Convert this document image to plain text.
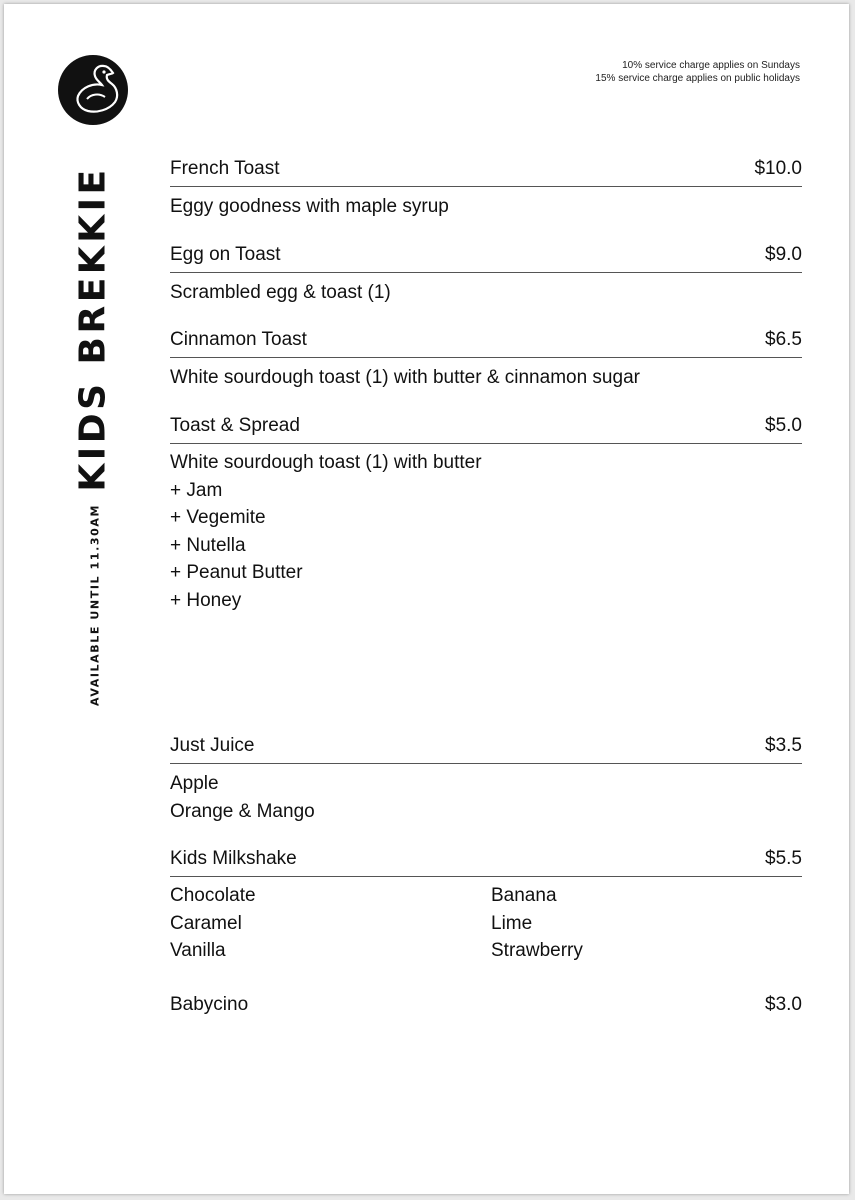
10% service charge applies on Sundays
15% service charge applies on public holidays
KIDS BREKKIE
AVAILABLE UNTIL 11.30AM
French Toast	$10.0
Eggy goodness with maple syrup
Egg on Toast	$9.0
Scrambled egg & toast (1)
Cinnamon Toast	$6.5
White sourdough toast (1) with butter & cinnamon sugar
Toast & Spread	$5.0
White sourdough toast (1) with butter
+ Jam
+ Vegemite
+ Nutella
+ Peanut Butter
+ Honey
Just Juice	$3.5
Apple
Orange & Mango
Kids Milkshake	$5.5
Chocolate
Caramel
Vanilla
Banana
Lime
Strawberry
Babycino	$3.0
